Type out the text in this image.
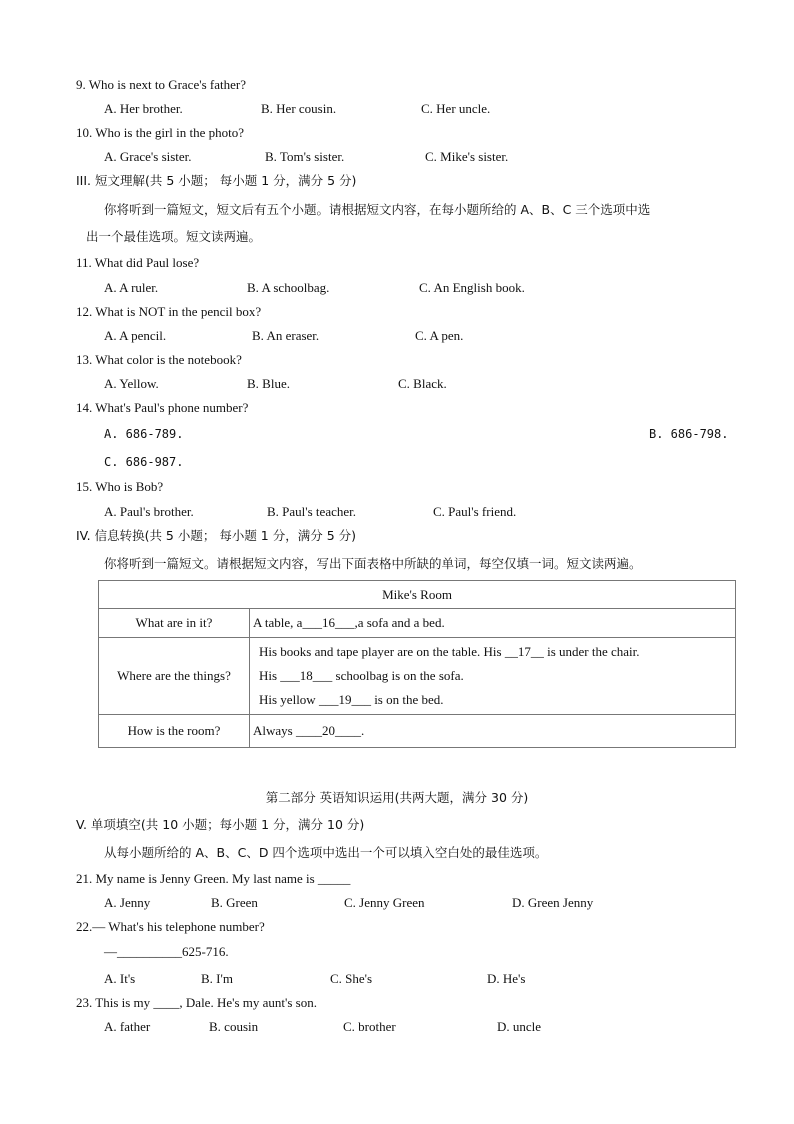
9. Who is next to Grace's father?
A. Her brother.	B. Her cousin.	C. Her uncle.
10. Who is the girl in the photo?
A. Grace's sister.	B. Tom's sister.	C. Mike's sister.
III. 短文理解(共 5 小题； 每小题 1 分，满分 5 分)
你将听到一篇短文，短文后有五个小题。请根据短文内容，在每小题所给的 A、B、C 三个选项中选
出一个最佳选项。短文读两遍。
11. What did Paul lose?
A. A ruler.	B. A schoolbag.	C. An English book.
12. What is NOT in the pencil box?
A. A pencil.	B. An eraser.	C. A pen.
13. What color is the notebook?
A. Yellow.	B. Blue.	C. Black.
14. What's Paul's phone number?
A. 686-789.	B. 686-798.
C. 686-987.
15. Who is Bob?
A. Paul's brother.	B. Paul's teacher.	C. Paul's friend.
IV. 信息转换(共 5 小题； 每小题 1 分，满分 5 分)
你将听到一篇短文。请根据短文内容，写出下面表格中所缺的单词，每空仅填一词。短文读两遍。
Mike's Room	
What are in it?	A table, a___16___,a sofa and a bed.
Where are the things?	His books and tape player are on the table. His __17__ is under the chair.
His ___18___ schoolbag is on the sofa.
His yellow ___19___ is on the bed.

How is the room?	Always ____20____.
第二部分 英语知识运用(共两大题，满分 30 分)
V. 单项填空(共 10 小题；每小题 1 分，满分 10 分)
从每小题所给的 A、B、C、D 四个选项中选出一个可以填入空白处的最佳选项。
21. My name is Jenny Green. My last name is _____
A. Jenny	B. Green	C. Jenny Green	D. Green Jenny
22.— What's his telephone number?
—__________625-716.
A. It's	B. I'm	C. She's	D. He's
23. This is my ____, Dale. He's my aunt's son.
A. father	B. cousin	C. brother	D. uncle
